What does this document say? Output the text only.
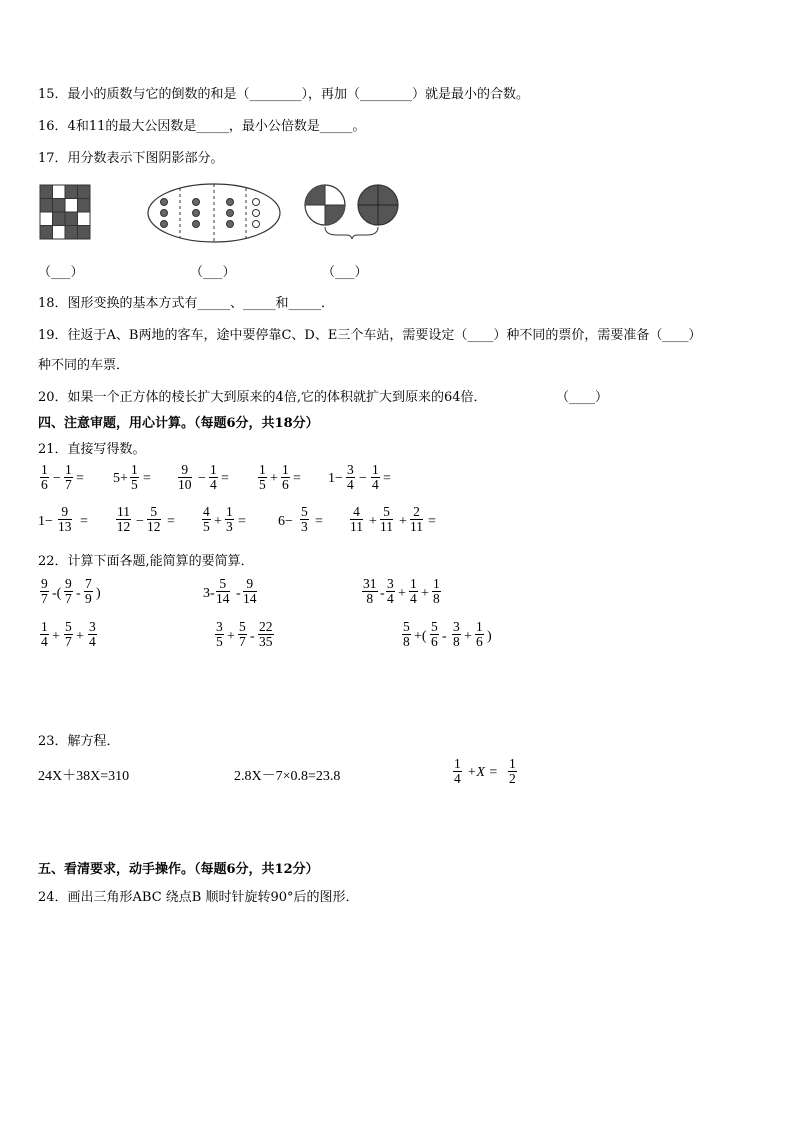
15．最小的质数与它的倒数的和是（________），再加（________）就是最小的合数。
16．4和11的最大公因数是_____，最小公倍数是_____。
17．用分数表示下图阴影部分。
（___）	（___）	（___）
18．图形变换的基本方式有_____、_____和_____．
19．往返于A、B两地的客车，途中要停靠C、D、E三个车站，需要设定（____）种不同的票价，需要准备（____）
种不同的车票．
20．如果一个正方体的棱长扩大到原来的4倍,它的体积就扩大到原来的64倍．	（____）
四、注意审题，用心计算。（每题6分，共18分）
21．直接写得数。
$\frac{1}{6} - \frac{1}{7} = 5+ \frac{1}{5} = \frac{9}{10} - \frac{1}{4} = \frac{1}{5} + \frac{1}{6} = 1- \frac{3}{4} - \frac{1}{4}$ =
$1- \frac{9}{13} = \frac{11}{12} - \frac{5}{12} = \frac{4}{5} + \frac{1}{3} = 6- \frac{5}{3} = \frac{4}{11} + \frac{5}{11} + \frac{2}{11}$ =
22．计算下面各题,能简算的要简算．
$\frac{9}{7}$ -( $\frac{9}{7} - \frac{7}{9}$ )	$3- \frac{5}{14} - \frac{9}{14}$	$\frac{31}{8} - \frac{3}{4} + \frac{1}{4} + \frac{1}{8}$
$\frac{1}{4} + \frac{5}{7} + \frac{3}{4}$	$\frac{3}{5} + \frac{5}{7} - \frac{22}{35}$	$\frac{5}{8}$ +( $\frac{5}{6} - \frac{3}{8} + \frac{1}{6}$ )
23．解方程．
24X＋38X=310	2.8X－7×0.8=23.8	$\frac{1}{4} +X = \frac{1}{2}$
五、看清要求，动手操作。（每题6分，共12分）
24．画出三角形ABC 绕点B 顺时针旋转90°后的图形．
